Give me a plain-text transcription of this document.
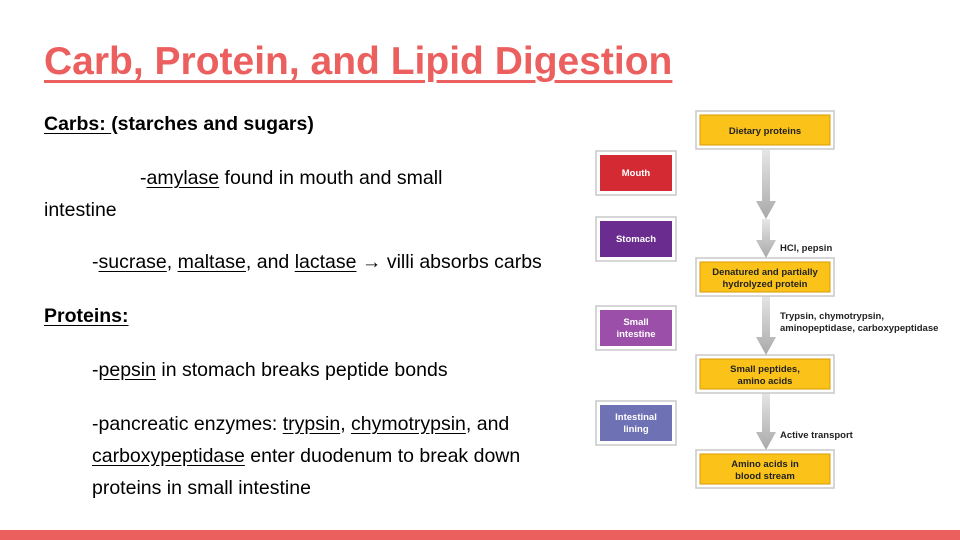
Carb, Protein, and Lipid Digestion

Carbs: (starches and sugars)

-amylase found in mouth and small

intestine

-sucrase, maltase, and lactase → villi absorbs carbs

Proteins:

-pepsin in stomach breaks peptide bonds

-pancreatic enzymes: trypsin, chymotrypsin, and carboxypeptidase enter duodenum to break down proteins in small intestine

Mouth
Stomach
Small
intestine
Intestinal
lining
Dietary proteins
Denatured and partially
hydrolyzed protein
Small peptides,
amino acids
Amino acids in
blood stream
HCl, pepsin
Trypsin, chymotrypsin,
aminopeptidase, carboxypeptidase
Active transport
